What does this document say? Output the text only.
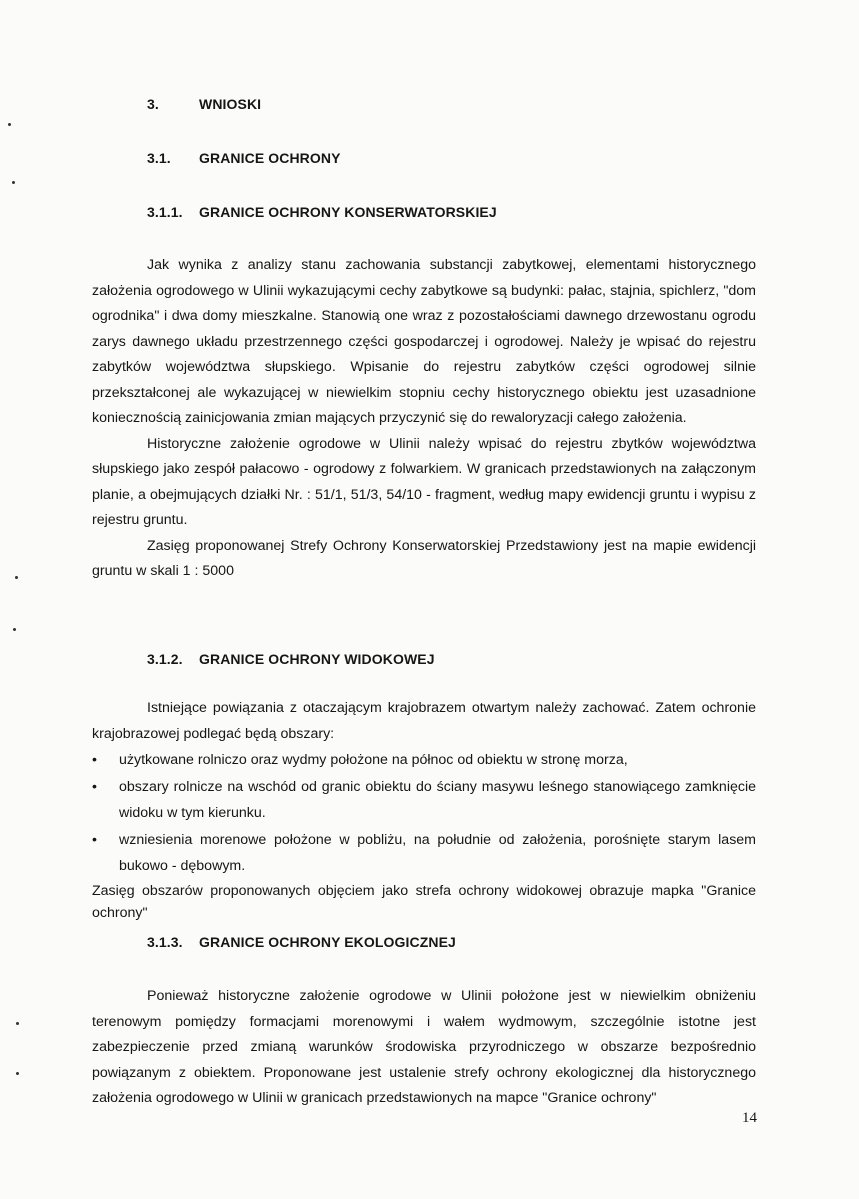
3.	WNIOSKI
3.1. GRANICE OCHRONY
3.1.1. GRANICE OCHRONY KONSERWATORSKIEJ

Jak wynika z analizy stanu zachowania substancji zabytkowej, elementami historycznego założenia ogrodowego w Ulinii wykazującymi cechy zabytkowe są budynki: pałac, stajnia, spichlerz, "dom ogrodnika" i dwa domy mieszkalne. Stanowią one wraz z pozostałościami dawnego drzewostanu ogrodu zarys dawnego układu przestrzennego części gospodarczej i ogrodowej. Należy je wpisać do rejestru zabytków województwa słupskiego. Wpisanie do rejestru zabytków części ogrodowej silnie przekształconej ale wykazującej w niewielkim stopniu cechy historycznego obiektu jest uzasadnione koniecznością zainicjowania zmian mających przyczynić się do rewaloryzacji całego założenia.

Historyczne założenie ogrodowe w Ulinii należy wpisać do rejestru zbytków województwa słupskiego jako zespół pałacowo - ogrodowy z folwarkiem. W granicach przedstawionych na załączonym planie, a obejmujących działki Nr. : 51/1, 51/3, 54/10 - fragment, według mapy ewidencji gruntu i wypisu z rejestru gruntu.

Zasięg proponowanej Strefy Ochrony Konserwatorskiej Przedstawiony jest na mapie ewidencji gruntu w skali 1 : 5000

3.1.2. GRANICE OCHRONY WIDOKOWEJ

Istniejące powiązania z otaczającym krajobrazem otwartym należy zachować. Zatem ochronie krajobrazowej podlegać będą obszary:

• użytkowane rolniczo oraz wydmy położone na północ od obiektu w stronę morza,
• obszary rolnicze na wschód od granic obiektu do ściany masywu leśnego stanowiącego zamknięcie widoku w tym kierunku.
• wzniesienia morenowe położone w pobliżu, na południe od założenia, porośnięte starym lasem bukowo - dębowym.

Zasięg obszarów proponowanych objęciem jako strefa ochrony widokowej obrazuje mapka "Granice ochrony"

3.1.3. GRANICE OCHRONY EKOLOGICZNEJ

Ponieważ historyczne założenie ogrodowe w Ulinii położone jest w niewielkim obniżeniu terenowym pomiędzy formacjami morenowymi i wałem wydmowym, szczególnie istotne jest zabezpieczenie przed zmianą warunków środowiska przyrodniczego w obszarze bezpośrednio powiązanym z obiektem. Proponowane jest ustalenie strefy ochrony ekologicznej dla historycznego założenia ogrodowego w Ulinii w granicach przedstawionych na mapce "Granice ochrony"

14
